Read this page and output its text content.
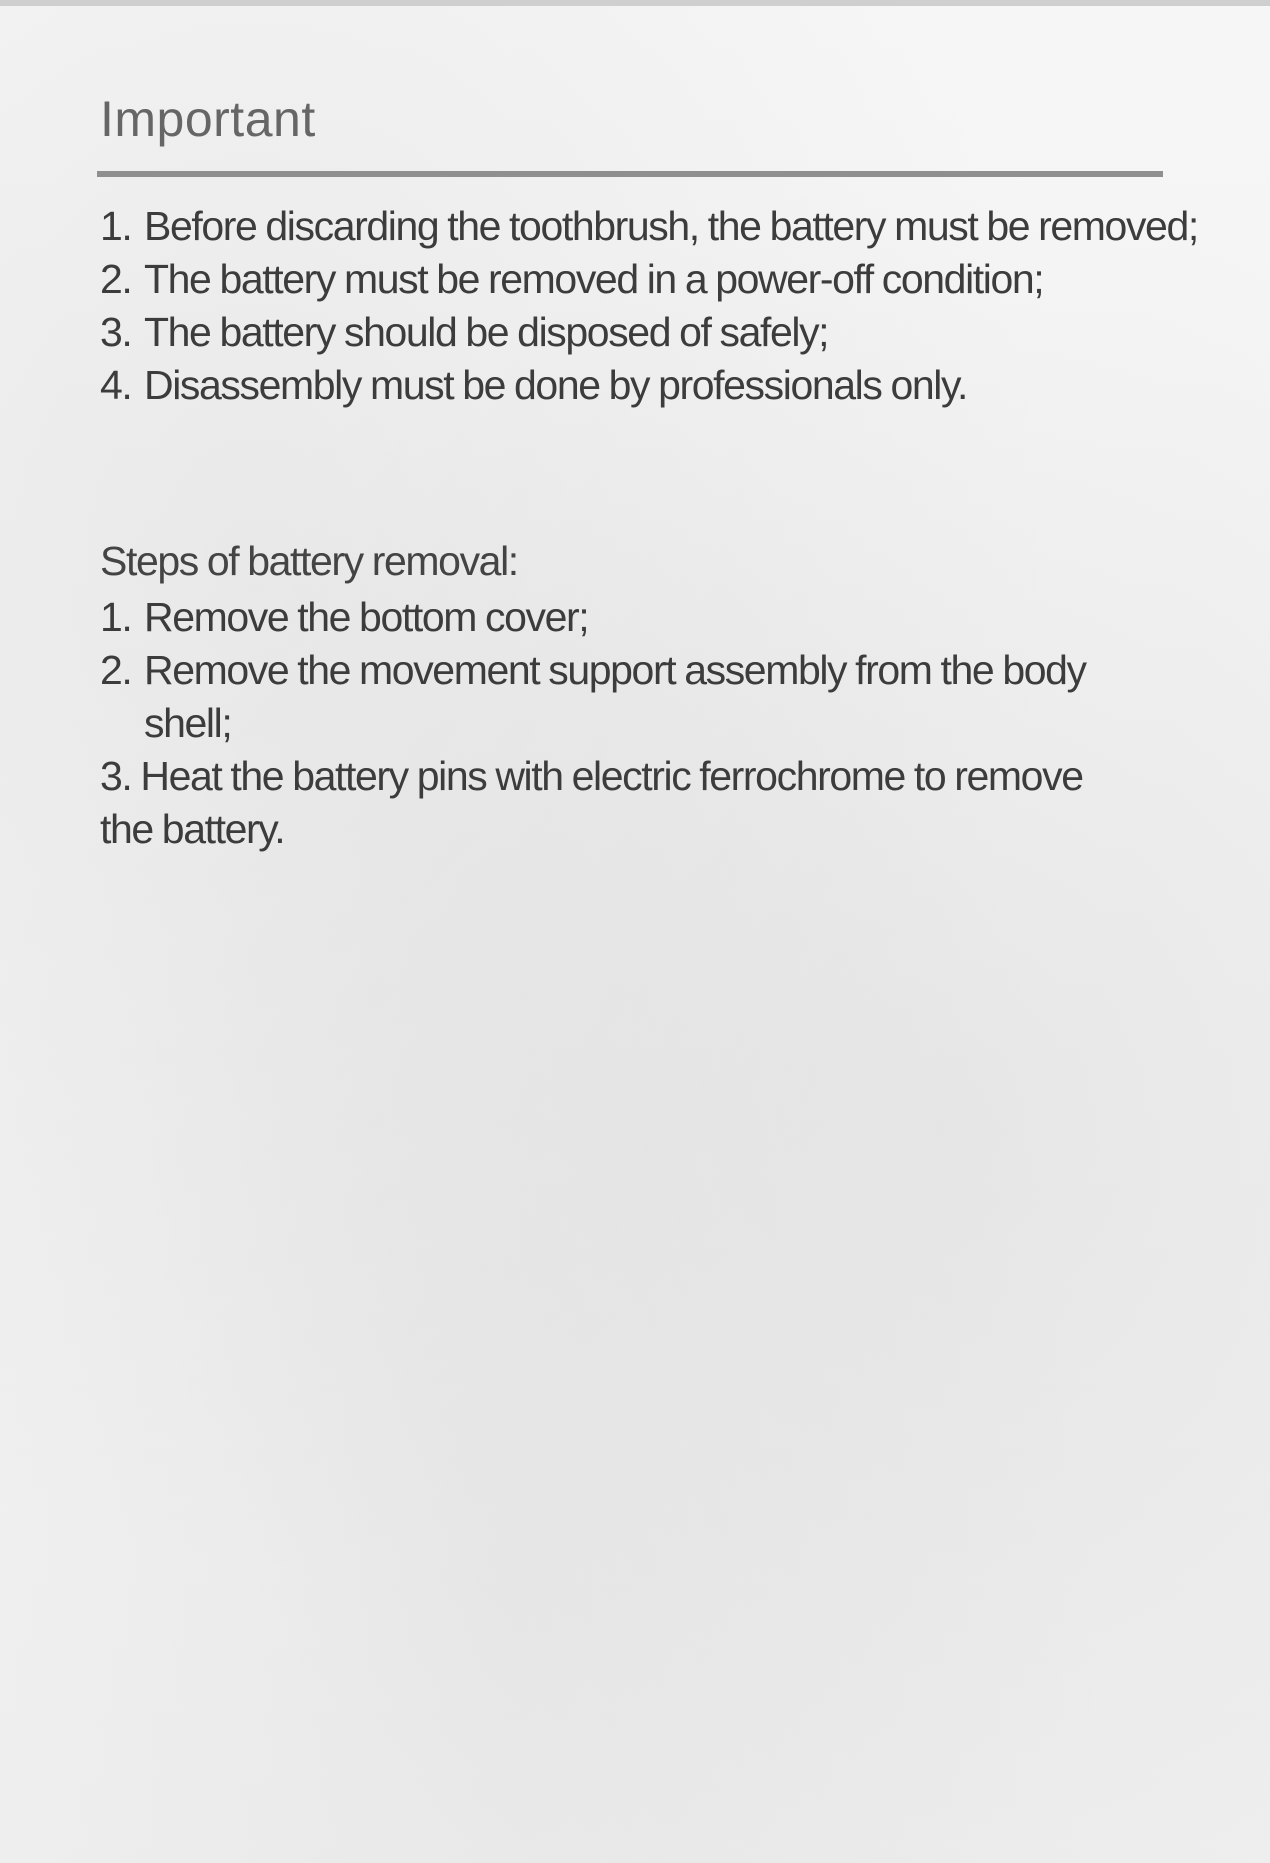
Important
1. Before discarding the toothbrush, the battery must be removed;
2. The battery must be removed in a power-off condition;
3. The battery should be disposed of safely;
4. Disassembly must be done by professionals only.

Steps of battery removal:

1. Remove the bottom cover;
2. Remove the movement support assembly from the body shell;
3. Heat the battery pins with electric ferrochrome to remove the battery.
